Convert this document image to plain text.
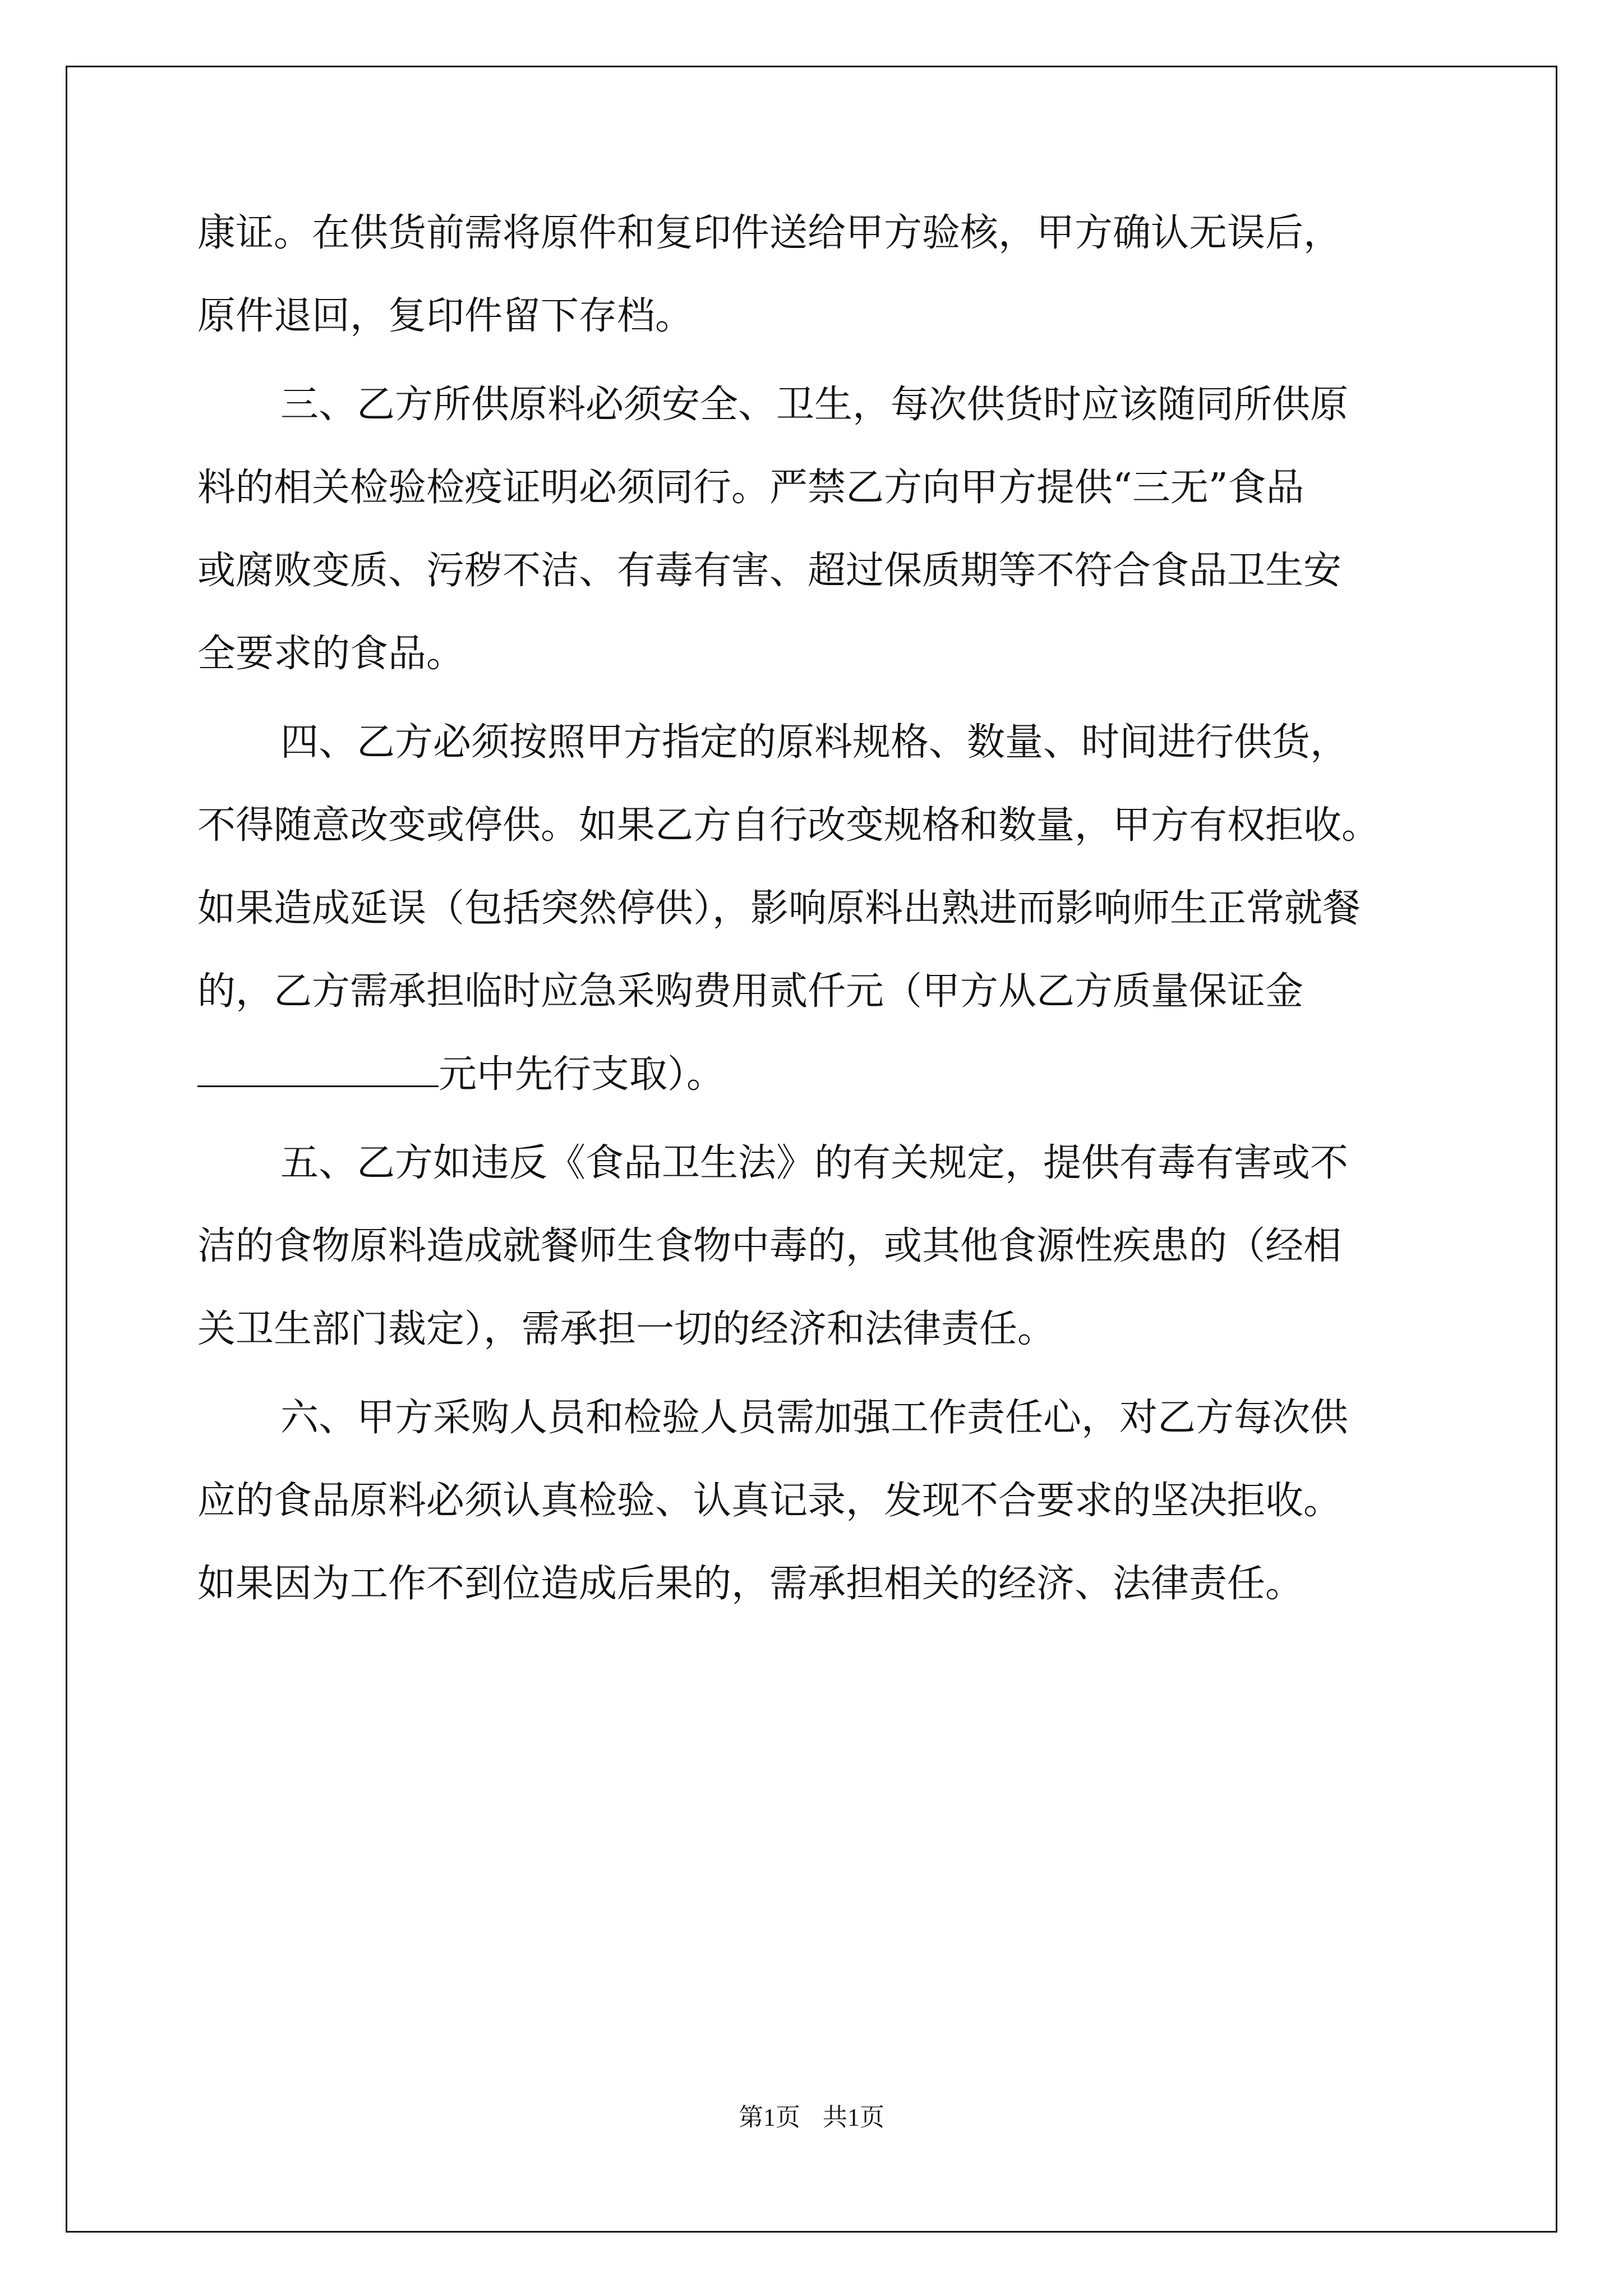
康证。在供货前需将原件和复印件送给甲方验核，甲方确认无误后，
原件退回，复印件留下存档。

三、乙方所供原料必须安全、卫生，每次供货时应该随同所供原
料的相关检验检疫证明必须同行。严禁乙方向甲方提供“三无”食品
或腐败变质、污秽不洁、有毒有害、超过保质期等不符合食品卫生安
全要求的食品。

四、乙方必须按照甲方指定的原料规格、数量、时间进行供货，
不得随意改变或停供。如果乙方自行改变规格和数量，甲方有权拒收。
如果造成延误（包括突然停供），影响原料出熟进而影响师生正常就餐
的，乙方需承担临时应急采购费用贰仟元（甲方从乙方质量保证金
元中先行支取）。

五、乙方如违反《食品卫生法》的有关规定，提供有毒有害或不
洁的食物原料造成就餐师生食物中毒的，或其他食源性疾患的（经相
关卫生部门裁定），需承担一切的经济和法律责任。

六、甲方采购人员和检验人员需加强工作责任心，对乙方每次供
应的食品原料必须认真检验、认真记录，发现不合要求的坚决拒收。
如果因为工作不到位造成后果的，需承担相关的经济、法律责任。

第1页 共1页
